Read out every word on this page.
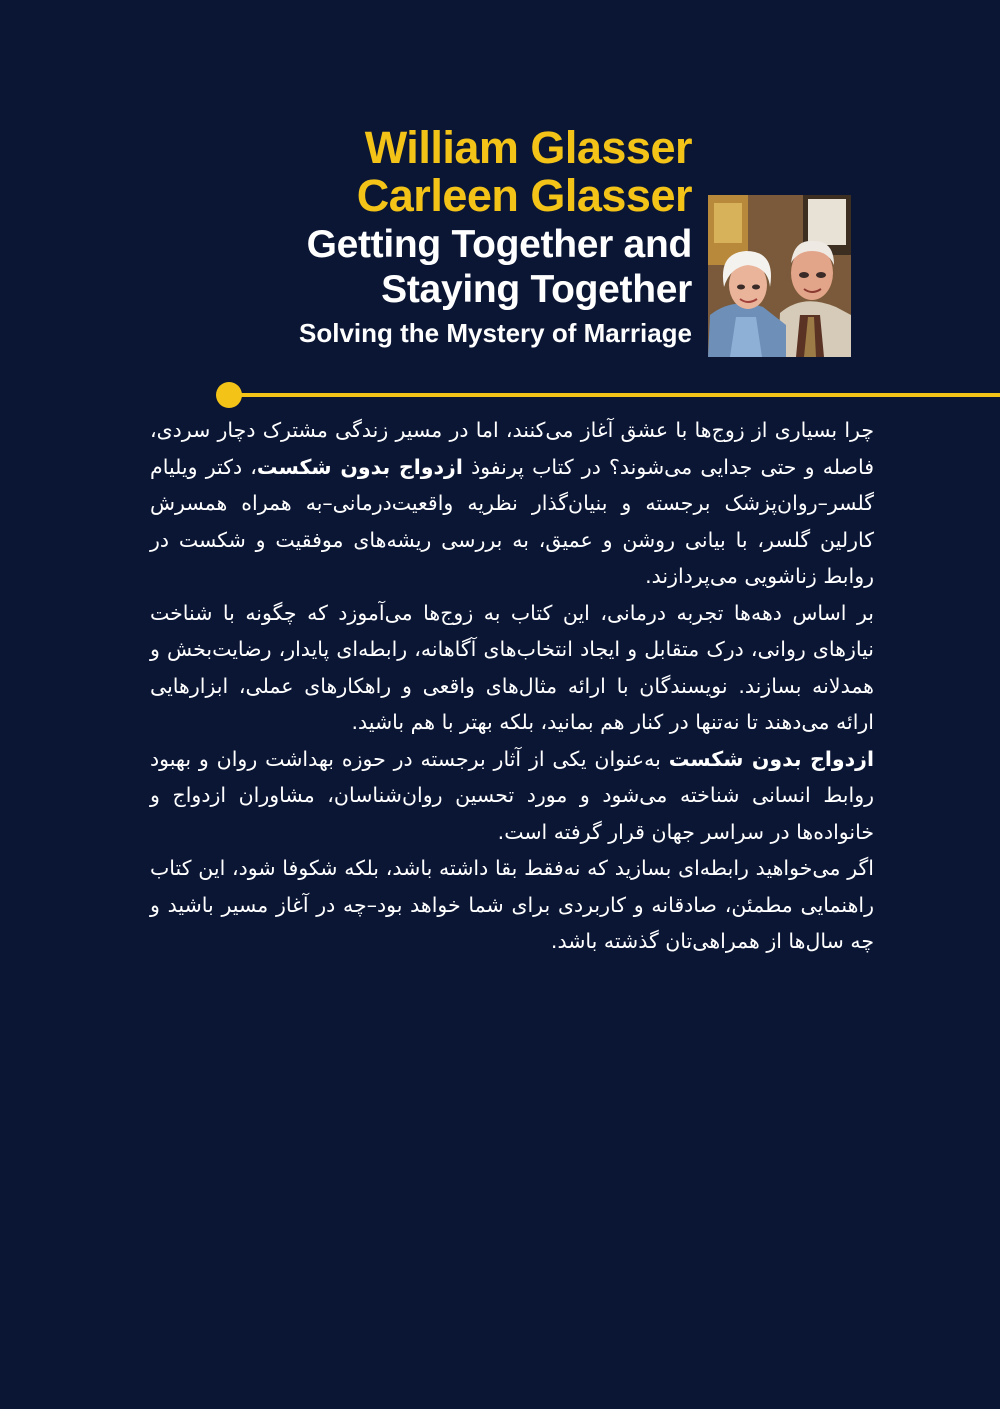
William Glasser
Carleen Glasser
Getting Together and
Staying Together
Solving the Mystery of Marriage

چرا بسیاری از زوج‌ها با عشق آغاز می‌کنند، اما در مسیر زندگی مشترک دچار سردی، فاصله و حتی جدایی می‌شوند؟ در کتاب پرنفوذ ازدواج بدون شکست، دکتر ویلیام گلسر–روان‌پزشک برجسته و بنیان‌گذار نظریه واقعیت‌درمانی–به همراه همسرش کارلین گلسر، با بیانی روشن و عمیق، به بررسی ریشه‌های موفقیت و شکست در روابط زناشویی می‌پردازند.

بر اساس دهه‌ها تجربه درمانی، این کتاب به زوج‌ها می‌آموزد که چگونه با شناخت نیازهای روانی، درک متقابل و ایجاد انتخاب‌های آگاهانه، رابطه‌ای پایدار، رضایت‌بخش و همدلانه بسازند. نویسندگان با ارائه مثال‌های واقعی و راهکارهای عملی، ابزارهایی ارائه می‌دهند تا نه‌تنها در کنار هم بمانید، بلکه بهتر با هم باشید.

ازدواج بدون شکست به‌عنوان یکی از آثار برجسته در حوزه بهداشت روان و بهبود روابط انسانی شناخته می‌شود و مورد تحسین روان‌شناسان، مشاوران ازدواج و خانواده‌ها در سراسر جهان قرار گرفته است.

اگر می‌خواهید رابطه‌ای بسازید که نه‌فقط بقا داشته باشد، بلکه شکوفا شود، این کتاب راهنمایی مطمئن، صادقانه و کاربردی برای شما خواهد بود–چه در آغاز مسیر باشید و چه سال‌ها از همراهی‌تان گذشته باشد.
